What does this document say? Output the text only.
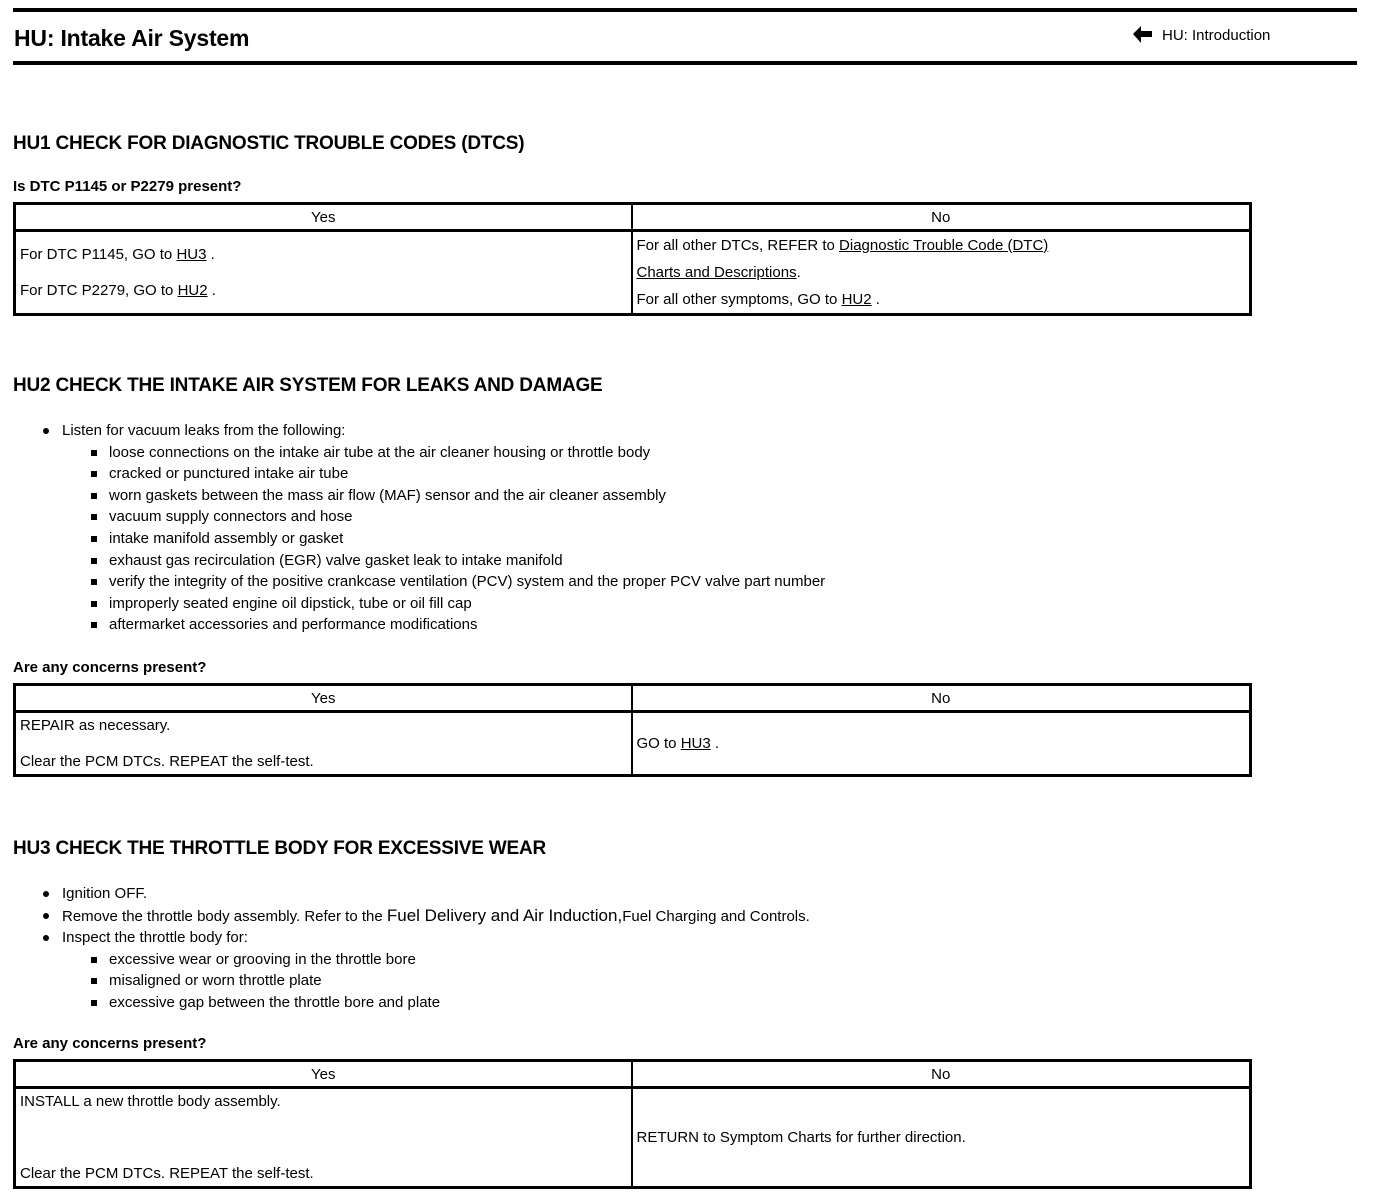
HU: Intake Air System	HU: Introduction
HU1 CHECK FOR DIAGNOSTIC TROUBLE CODES (DTCS)

Is DTC P1145 or P2279 present?

Yes	No

For DTC P1145, GO to HU3 .
For DTC P2279, GO to HU2 .	For all other DTCs, REFER to Diagnostic Trouble Code (DTC)
Charts and Descriptions.
For all other symptoms, GO to HU2 .
HU2 CHECK THE INTAKE AIR SYSTEM FOR LEAKS AND DAMAGE
Listen for vacuum leaks from the following:
loose connections on the intake air tube at the air cleaner housing or throttle body
cracked or punctured intake air tube
worn gaskets between the mass air flow (MAF) sensor and the air cleaner assembly
vacuum supply connectors and hose
intake manifold assembly or gasket
exhaust gas recirculation (EGR) valve gasket leak to intake manifold
verify the integrity of the positive crankcase ventilation (PCV) system and the proper PCV valve part number
improperly seated engine oil dipstick, tube or oil fill cap
aftermarket accessories and performance modifications

Are any concerns present?

Yes	No

REPAIR as necessary.
Clear the PCM DTCs. REPEAT the self-test.	GO to HU3 .
HU3 CHECK THE THROTTLE BODY FOR EXCESSIVE WEAR
Ignition OFF.
Remove the throttle body assembly. Refer to the Fuel Delivery and Air Induction,Fuel Charging and Controls.
Inspect the throttle body for:
excessive wear or grooving in the throttle bore
misaligned or worn throttle plate
excessive gap between the throttle bore and plate

Are any concerns present?

Yes	No

INSTALL a new throttle body assembly.
Clear the PCM DTCs. REPEAT the self-test.	RETURN to Symptom Charts for further direction.
